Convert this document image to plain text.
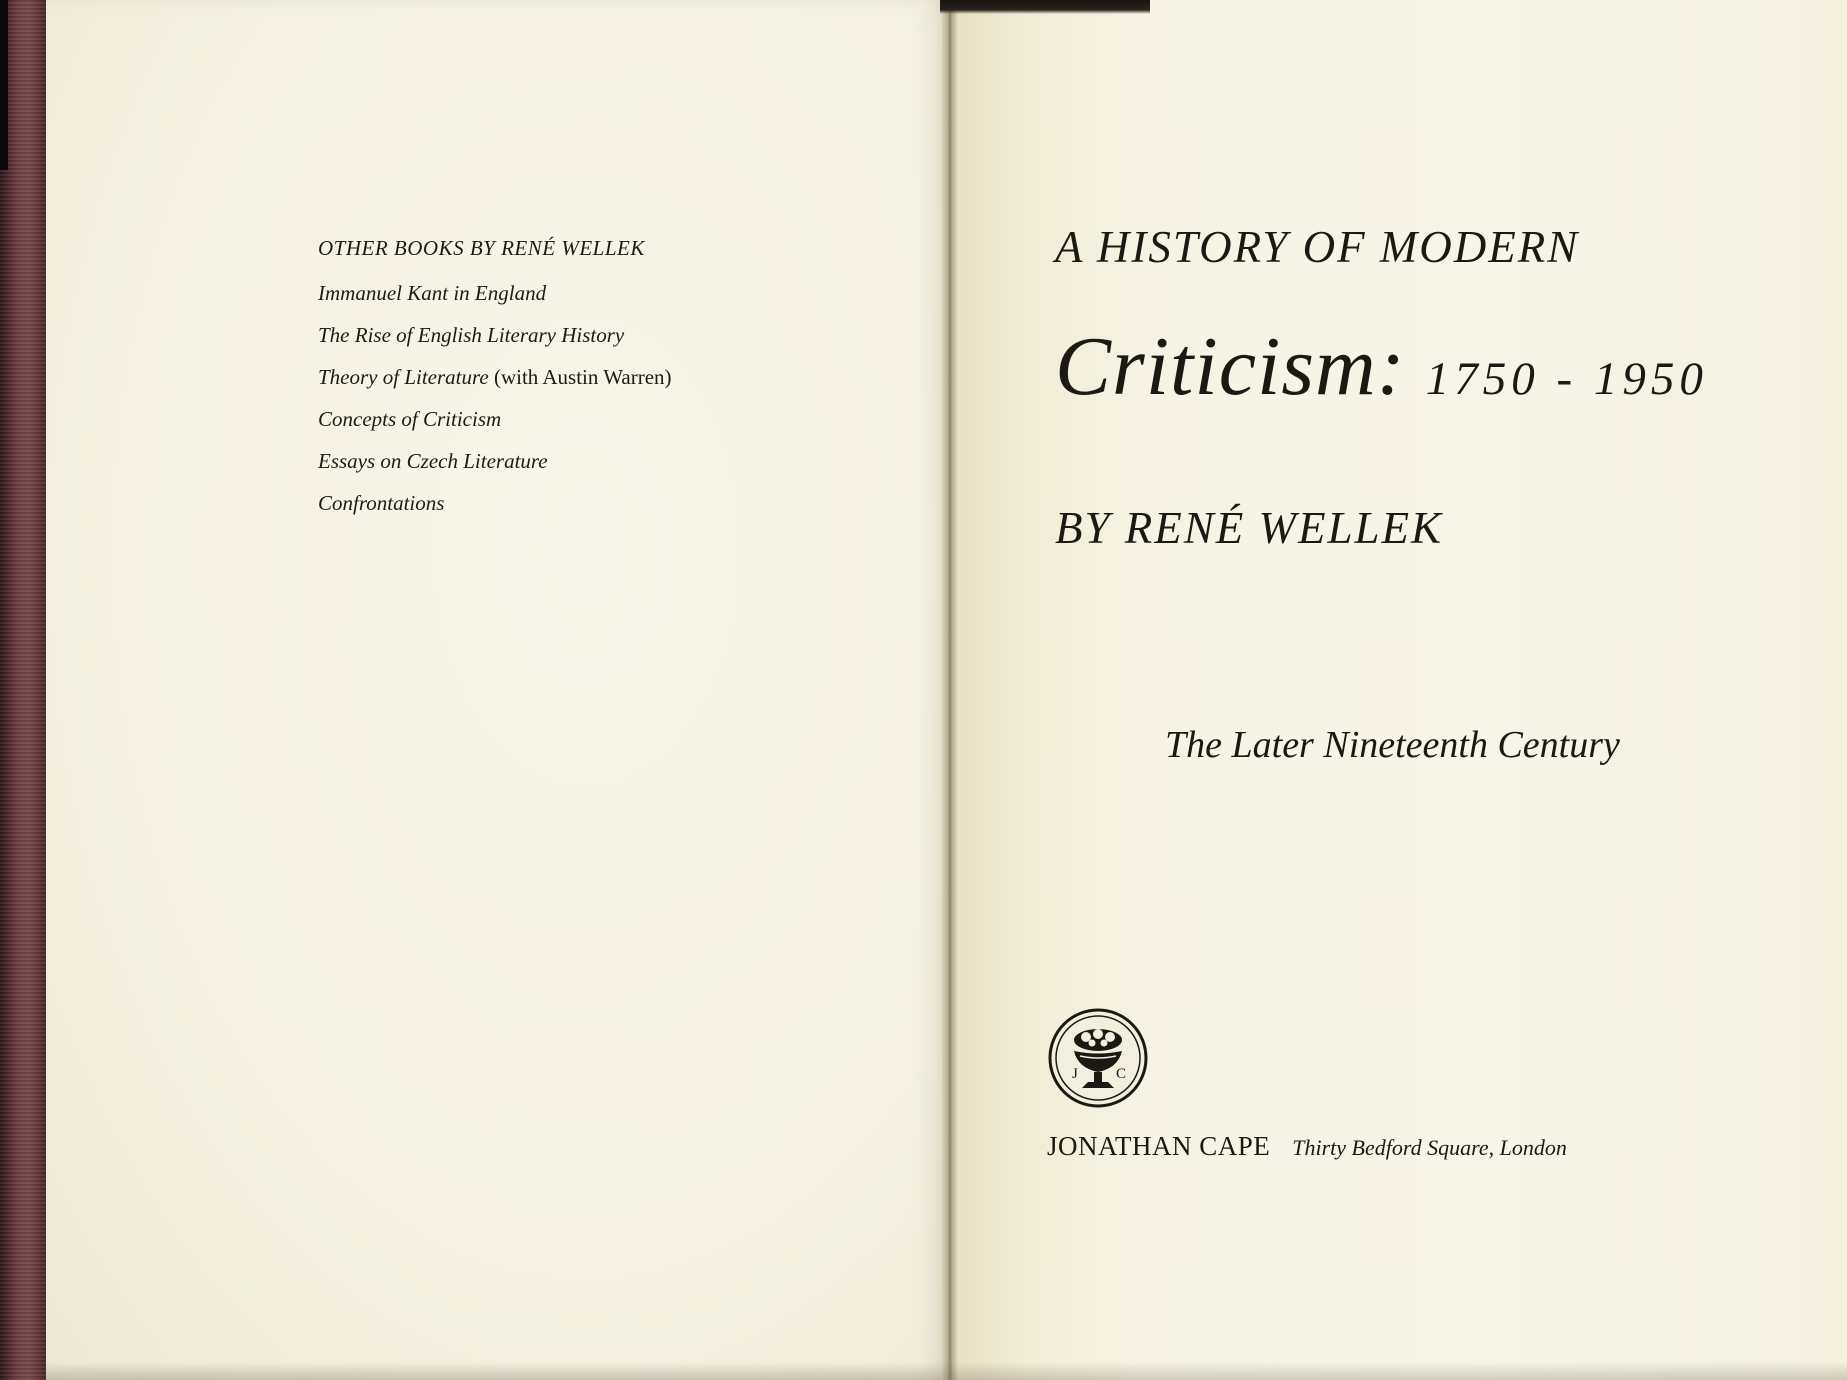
OTHER BOOKS BY RENÉ WELLEK

Immanuel Kant in England
The Rise of English Literary History
Theory of Literature (with Austin Warren)
Concepts of Criticism
Essays on Czech Literature
Confrontations

A HISTORY OF MODERN

Criticism: 1750 - 1950

BY RENÉ WELLEK

The Later Nineteenth Century

J	C
JONATHAN CAPE Thirty Bedford Square, London
